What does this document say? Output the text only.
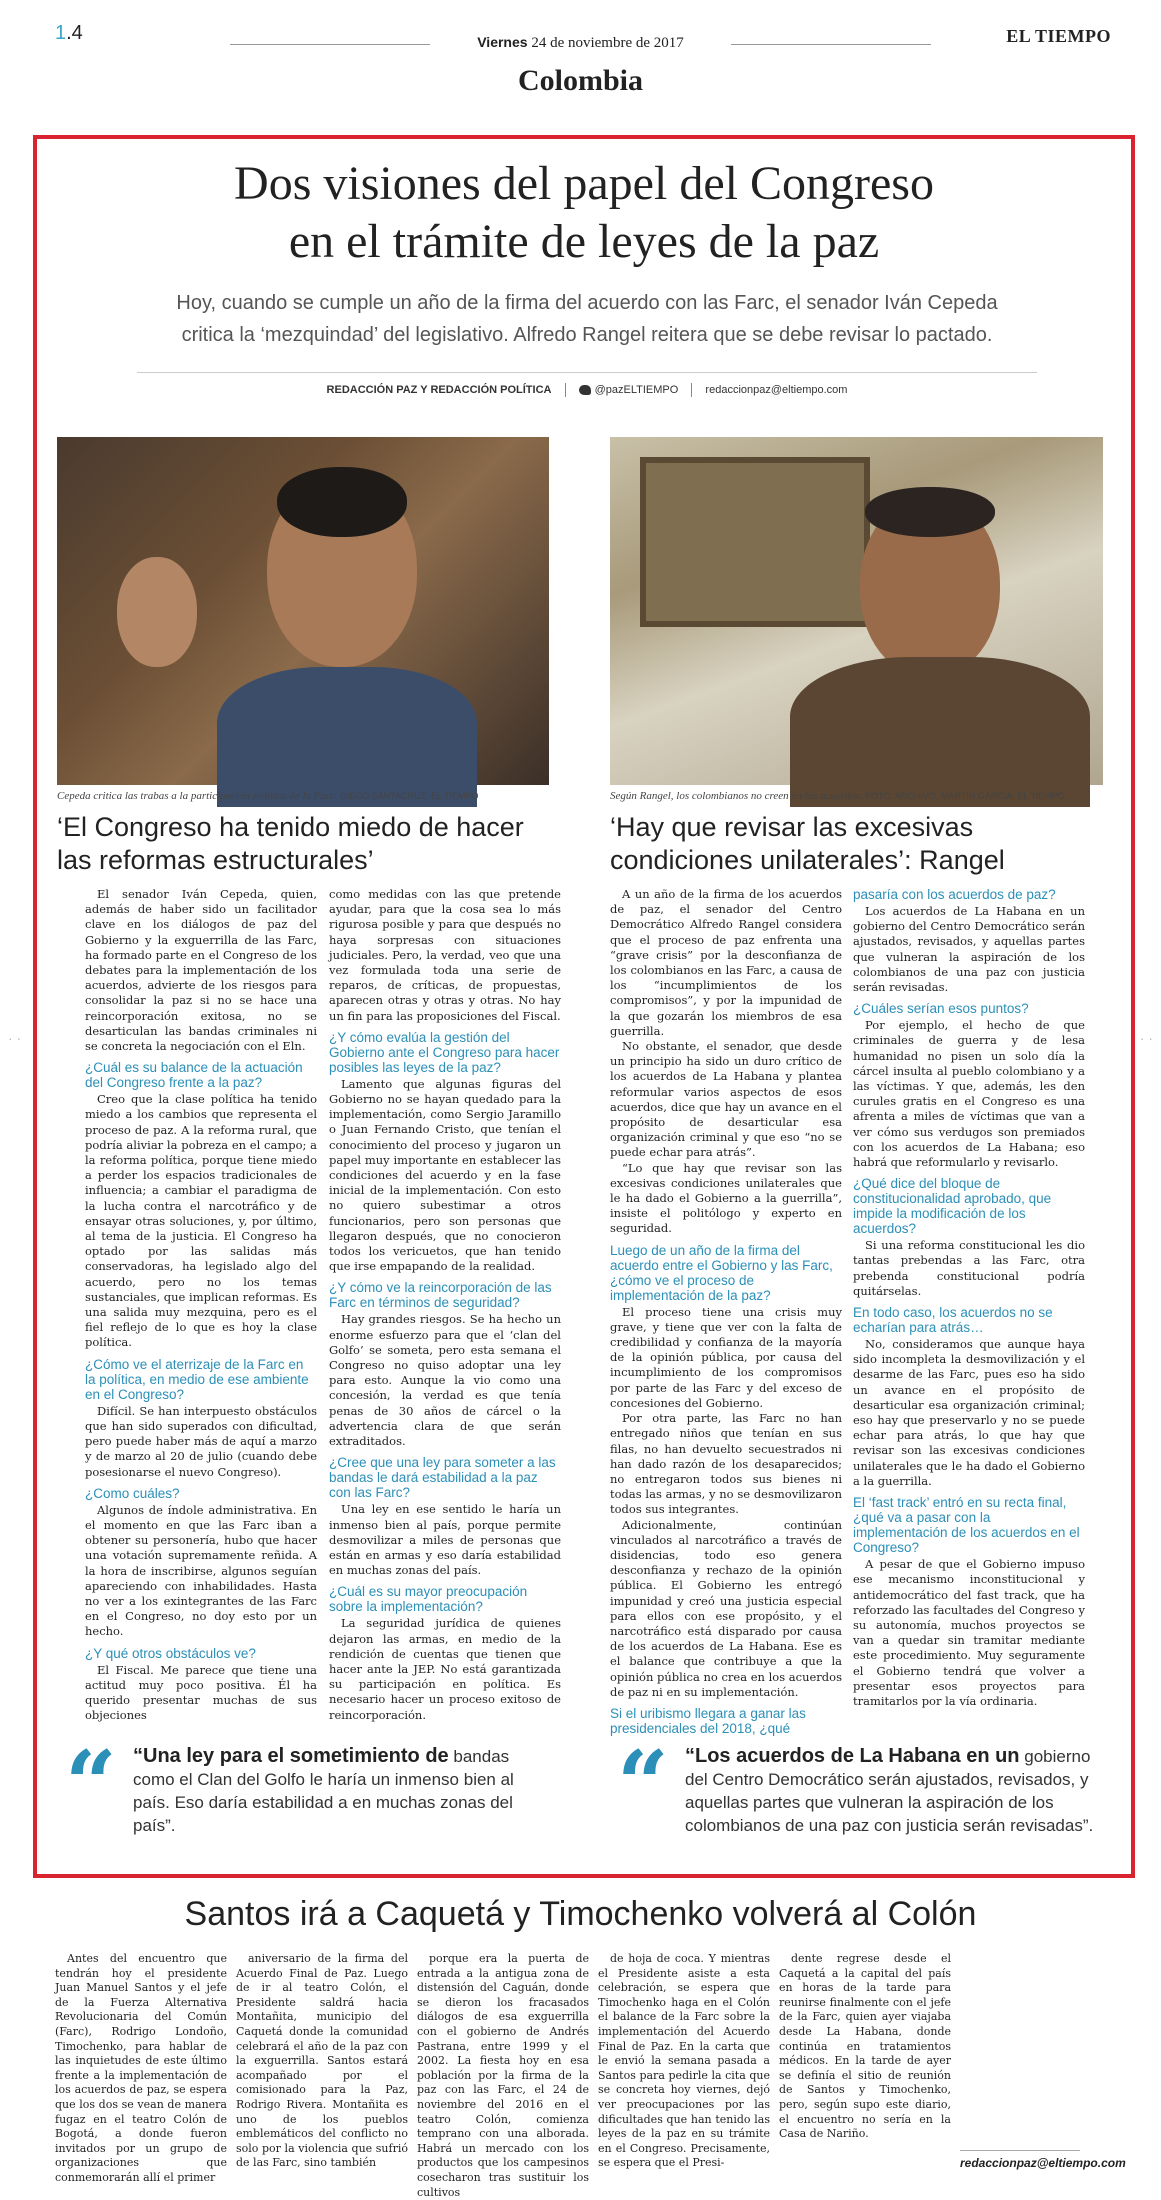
1.4	Viernes 24 de noviembre de 2017	EL TIEMPO
Colombia
Dos visiones del papel del Congreso
en el trámite de leyes de la paz
Hoy, cuando se cumple un año de la firma del acuerdo con las Farc, el senador Iván Cepeda
critica la ‘mezquindad’ del legislativo. Alfredo Rangel reitera que se debe revisar lo pactado.
REDACCIÓN PAZ Y REDACCIÓN POLÍTICA	@pazELTIEMPO redaccionpaz@eltiempo.com
Cepeda critica las trabas a la participación política de la Farc. DIEGO SANTACRUZ. EL TIEMPO	Según Rangel, los colombianos no creen en los acuerdos. FOTO: ARCHIVO. MARTÍN GARCÍA. EL TIEMPO
‘El Congreso ha tenido miedo de hacer las reformas estructurales’
‘Hay que revisar las excesivas condiciones unilaterales’: Rangel

El senador Iván Cepeda, quien, además de haber sido un facilitador clave en los diálogos de paz del Gobierno y la exguerrilla de las Farc, ha formado parte en el Congreso de los debates para la implementación de los acuerdos, advierte de los riesgos para consolidar la paz si no se hace una reincorporación exitosa, no se desarticulan las bandas criminales ni se concreta la negociación con el Eln.

¿Cuál es su balance de la actuación del Congreso frente a la paz?

Creo que la clase política ha tenido miedo a los cambios que representa el proceso de paz. A la reforma rural, que podría aliviar la pobreza en el campo; a la reforma política, porque tiene miedo a perder los espacios tradicionales de influencia; a cambiar el paradigma de la lucha contra el narcotráfico y de ensayar otras soluciones, y, por último, al tema de la justicia. El Congreso ha optado por las salidas más conservadoras, ha legislado algo del acuerdo, pero no los temas sustanciales, que implican reformas. Es una salida muy mezquina, pero es el fiel reflejo de lo que es hoy la clase política.

¿Cómo ve el aterrizaje de la Farc en la política, en medio de ese ambiente en el Congreso?

Difícil. Se han interpuesto obstáculos que han sido superados con dificultad, pero puede haber más de aquí a marzo y de marzo al 20 de julio (cuando debe posesionarse el nuevo Congreso).

¿Como cuáles?

Algunos de índole administrativa. En el momento en que las Farc iban a obtener su personería, hubo que hacer una votación supremamente reñida. A la hora de inscribirse, algunos seguían apareciendo con inhabilidades. Hasta no ver a los exintegrantes de las Farc en el Congreso, no doy esto por un hecho.

¿Y qué otros obstáculos ve?

El Fiscal. Me parece que tiene una actitud muy poco positiva. Él ha querido presentar muchas de sus objeciones

como medidas con las que pretende ayudar, para que la cosa sea lo más rigurosa posible y para que después no haya sorpresas con situaciones judiciales. Pero, la verdad, veo que una vez formulada toda una serie de reparos, de críticas, de propuestas, aparecen otras y otras y otras. No hay un fin para las proposiciones del Fiscal.

¿Y cómo evalúa la gestión del Gobierno ante el Congreso para hacer posibles las leyes de la paz?

Lamento que algunas figuras del Gobierno no se hayan quedado para la implementación, como Sergio Jaramillo o Juan Fernando Cristo, que tenían el conocimiento del proceso y jugaron un papel muy importante en establecer las condiciones del acuerdo y en la fase inicial de la implementación. Con esto no quiero subestimar a otros funcionarios, pero son personas que llegaron después, que no conocieron todos los vericuetos, que han tenido que irse empapando de la realidad.

¿Y cómo ve la reincorporación de las Farc en términos de seguridad?

Hay grandes riesgos. Se ha hecho un enorme esfuerzo para que el ‘clan del Golfo’ se someta, pero esta semana el Congreso no quiso adoptar una ley para esto. Aunque la vio como una concesión, la verdad es que tenía penas de 30 años de cárcel o la advertencia clara de que serán extraditados.

¿Cree que una ley para someter a las bandas le dará estabilidad a la paz con las Farc?

Una ley en ese sentido le haría un inmenso bien al país, porque permite desmovilizar a miles de personas que están en armas y eso daría estabilidad en muchas zonas del país.

¿Cuál es su mayor preocupación sobre la implementación?

La seguridad jurídica de quienes dejaron las armas, en medio de la rendición de cuentas que tienen que hacer ante la JEP. No está garantizada su participación en política. Es necesario hacer un proceso exitoso de reincorporación.

A un año de la firma de los acuerdos de paz, el senador del Centro Democrático Alfredo Rangel considera que el proceso de paz enfrenta una “grave crisis” por la desconfianza de los colombianos en las Farc, a causa de los “incumplimientos de los compromisos”, y por la impunidad de la que gozarán los miembros de esa guerrilla.

No obstante, el senador, que desde un principio ha sido un duro crítico de los acuerdos de La Habana y plantea reformular varios aspectos de esos acuerdos, dice que hay un avance en el propósito de desarticular esa organización criminal y que eso “no se puede echar para atrás”.

“Lo que hay que revisar son las excesivas condiciones unilaterales que le ha dado el Gobierno a la guerrilla”, insiste el politólogo y experto en seguridad.

Luego de un año de la firma del acuerdo entre el Gobierno y las Farc, ¿cómo ve el proceso de implementación de la paz?

El proceso tiene una crisis muy grave, y tiene que ver con la falta de credibilidad y confianza de la mayoría de la opinión pública, por causa del incumplimiento de los compromisos por parte de las Farc y del exceso de concesiones del Gobierno.

Por otra parte, las Farc no han entregado niños que tenían en sus filas, no han devuelto secuestrados ni han dado razón de los desaparecidos; no entregaron todos sus bienes ni todas las armas, y no se desmovilizaron todos sus integrantes.

Adicionalmente, continúan vinculados al narcotráfico a través de disidencias, todo eso genera desconfianza y rechazo de la opinión pública. El Gobierno les entregó impunidad y creó una justicia especial para ellos con ese propósito, y el narcotráfico está disparado por causa de los acuerdos de La Habana. Ese es el balance que contribuye a que la opinión pública no crea en los acuerdos de paz ni en su implementación.

Si el uribismo llegara a ganar las presidenciales del 2018, ¿qué

pasaría con los acuerdos de paz?

Los acuerdos de La Habana en un gobierno del Centro Democrático serán ajustados, revisados, y aquellas partes que vulneran la aspiración de los colombianos de una paz con justicia serán revisadas.

¿Cuáles serían esos puntos?

Por ejemplo, el hecho de que criminales de guerra y de lesa humanidad no pisen un solo día la cárcel insulta al pueblo colombiano y a las víctimas. Y que, además, les den curules gratis en el Congreso es una afrenta a miles de víctimas que van a ver cómo sus verdugos son premiados con los acuerdos de La Habana; eso habrá que reformularlo y revisarlo.

¿Qué dice del bloque de constitucionalidad aprobado, que impide la modificación de los acuerdos?

Si una reforma constitucional les dio tantas prebendas a las Farc, otra prebenda constitucional podría quitárselas.

En todo caso, los acuerdos no se echarían para atrás…

No, consideramos que aunque haya sido incompleta la desmovilización y el desarme de las Farc, pues eso ha sido un avance en el propósito de desarticular esa organización criminal; eso hay que preservarlo y no se puede echar para atrás, lo que hay que revisar son las excesivas condiciones unilaterales que le ha dado el Gobierno a la guerrilla.

El ‘fast track’ entró en su recta final, ¿qué va a pasar con la implementación de los acuerdos en el Congreso?

A pesar de que el Gobierno impuso ese mecanismo inconstitucional y antidemocrático del fast track, que ha reforzado las facultades del Congreso y su autonomía, muchos proyectos se van a quedar sin tramitar mediante este procedimiento. Muy seguramente el Gobierno tendrá que volver a presentar esos proyectos para tramitarlos por la vía ordinaria.

“ “Una ley para el sometimiento de bandas como el Clan del Golfo le haría un inmenso bien al país. Eso daría estabilidad a en muchas zonas del país”.	“ “Los acuerdos de La Habana en un gobierno del Centro Democrático serán ajustados, revisados, y aquellas partes que vulneran la aspiración de los colombianos de una paz con justicia serán revisadas”.
· ·	· ·
Santos irá a Caquetá y Timochenko volverá al Colón

Antes del encuentro que tendrán hoy el presidente Juan Manuel Santos y el jefe de la Fuerza Alternativa Revolucionaria del Común (Farc), Rodrigo Londoño, Timochenko, para hablar de las inquietudes de este último frente a la implementación de los acuerdos de paz, se espera que los dos se vean de manera fugaz en el teatro Colón de Bogotá, a donde fueron invitados por un grupo de organizaciones que conmemorarán allí el primer

aniversario de la firma del Acuerdo Final de Paz. Luego de ir al teatro Colón, el Presidente saldrá hacia Montañita, municipio del Caquetá donde la comunidad celebrará el año de la paz con la exguerrilla. Santos estará acompañado por el comisionado para la Paz, Rodrigo Rivera. Montañita es uno de los pueblos emblemáticos del conflicto no solo por la violencia que sufrió de las Farc, sino también

porque era la puerta de entrada a la antigua zona de distensión del Caguán, donde se dieron los fracasados diálogos de esa exguerrilla con el gobierno de Andrés Pastrana, entre 1999 y el 2002. La fiesta hoy en esa población por la firma de la paz con las Farc, el 24 de noviembre del 2016 en el teatro Colón, comienza temprano con una alborada. Habrá un mercado con los productos que los campesinos cosecharon tras sustituir los cultivos

de hoja de coca. Y mientras el Presidente asiste a esta celebración, se espera que Timochenko haga en el Colón el balance de la Farc sobre la implementación del Acuerdo Final de Paz. En la carta que le envió la semana pasada a Santos para pedirle la cita que se concreta hoy viernes, dejó ver preocupaciones por las dificultades que han tenido las leyes de la paz en su trámite en el Congreso. Precisamente, se espera que el Presi-

dente regrese desde el Caquetá a la capital del país en horas de la tarde para reunirse finalmente con el jefe de la Farc, quien ayer viajaba desde La Habana, donde continúa en tratamientos médicos. En la tarde de ayer se definía el sitio de reunión de Santos y Timochenko, pero, según supo este diario, el encuentro no sería en la Casa de Nariño.

redaccionpaz@eltiempo.com
